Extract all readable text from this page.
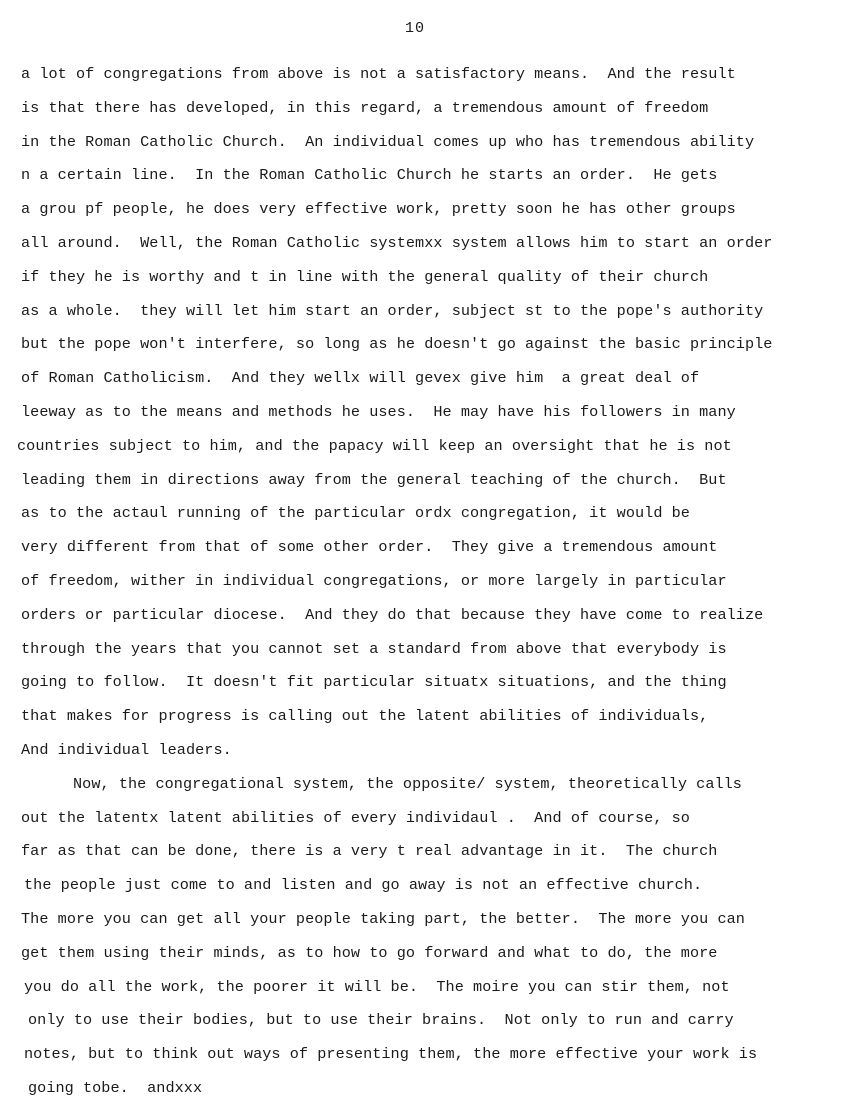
10
a lot of congregations from above is not a satisfactory means.  And the result
is that there has developed, in this regard, a tremendous amount of freedom
in the Roman Catholic Church.  An individual comes up who has tremendous ability
n a certain line.  In the Roman Catholic Church he starts an order.  He gets
a grou pf people, he does very effective work, pretty soon he has other groups
all around.  Well, the Roman Catholic systemxx system allows him to start an order
if they he is worthy and t in line with the general quality of their church
as a whole.  they will let him start an order, subject st to the pope's authority
but the pope won't interfere, so long as he doesn't go against the basic principle
of Roman Catholicism.  And they wellx will gevex give him  a great deal of
leeway as to the means and methods he uses.  He may have his followers in many
countries subject to him, and the papacy will keep an oversight that he is not
leading them in directions away from the general teaching of the church.  But
as to the actaul running of the particular ordx congregation, it would be
very different from that of some other order.  They give a tremendous amount
of freedom, wither in individual congregations, or more largely in particular
orders or particular diocese.  And they do that because they have come to realize
through the years that you cannot set a standard from above that everybody is
going to follow.  It doesn't fit particular situatx situations, and the thing
that makes for progress is calling out the latent abilities of individuals,
And individual leaders.
Now, the congregational system, the opposite/ system, theoretically calls
out the latentx latent abilities of every individaul .  And of course, so
far as that can be done, there is a very t real advantage in it.  The church
the people just come to and listen and go away is not an effective church.
The more you can get all your people taking part, the better.  The more you can
get them using their minds, as to how to go forward and what to do, the more
you do all the work, the poorer it will be.  The moire you can stir them, not
only to use their bodies, but to use their brains.  Not only to run and carry
notes, but to think out ways of presenting them, the more effective your work is
going tobe.  andxxx
